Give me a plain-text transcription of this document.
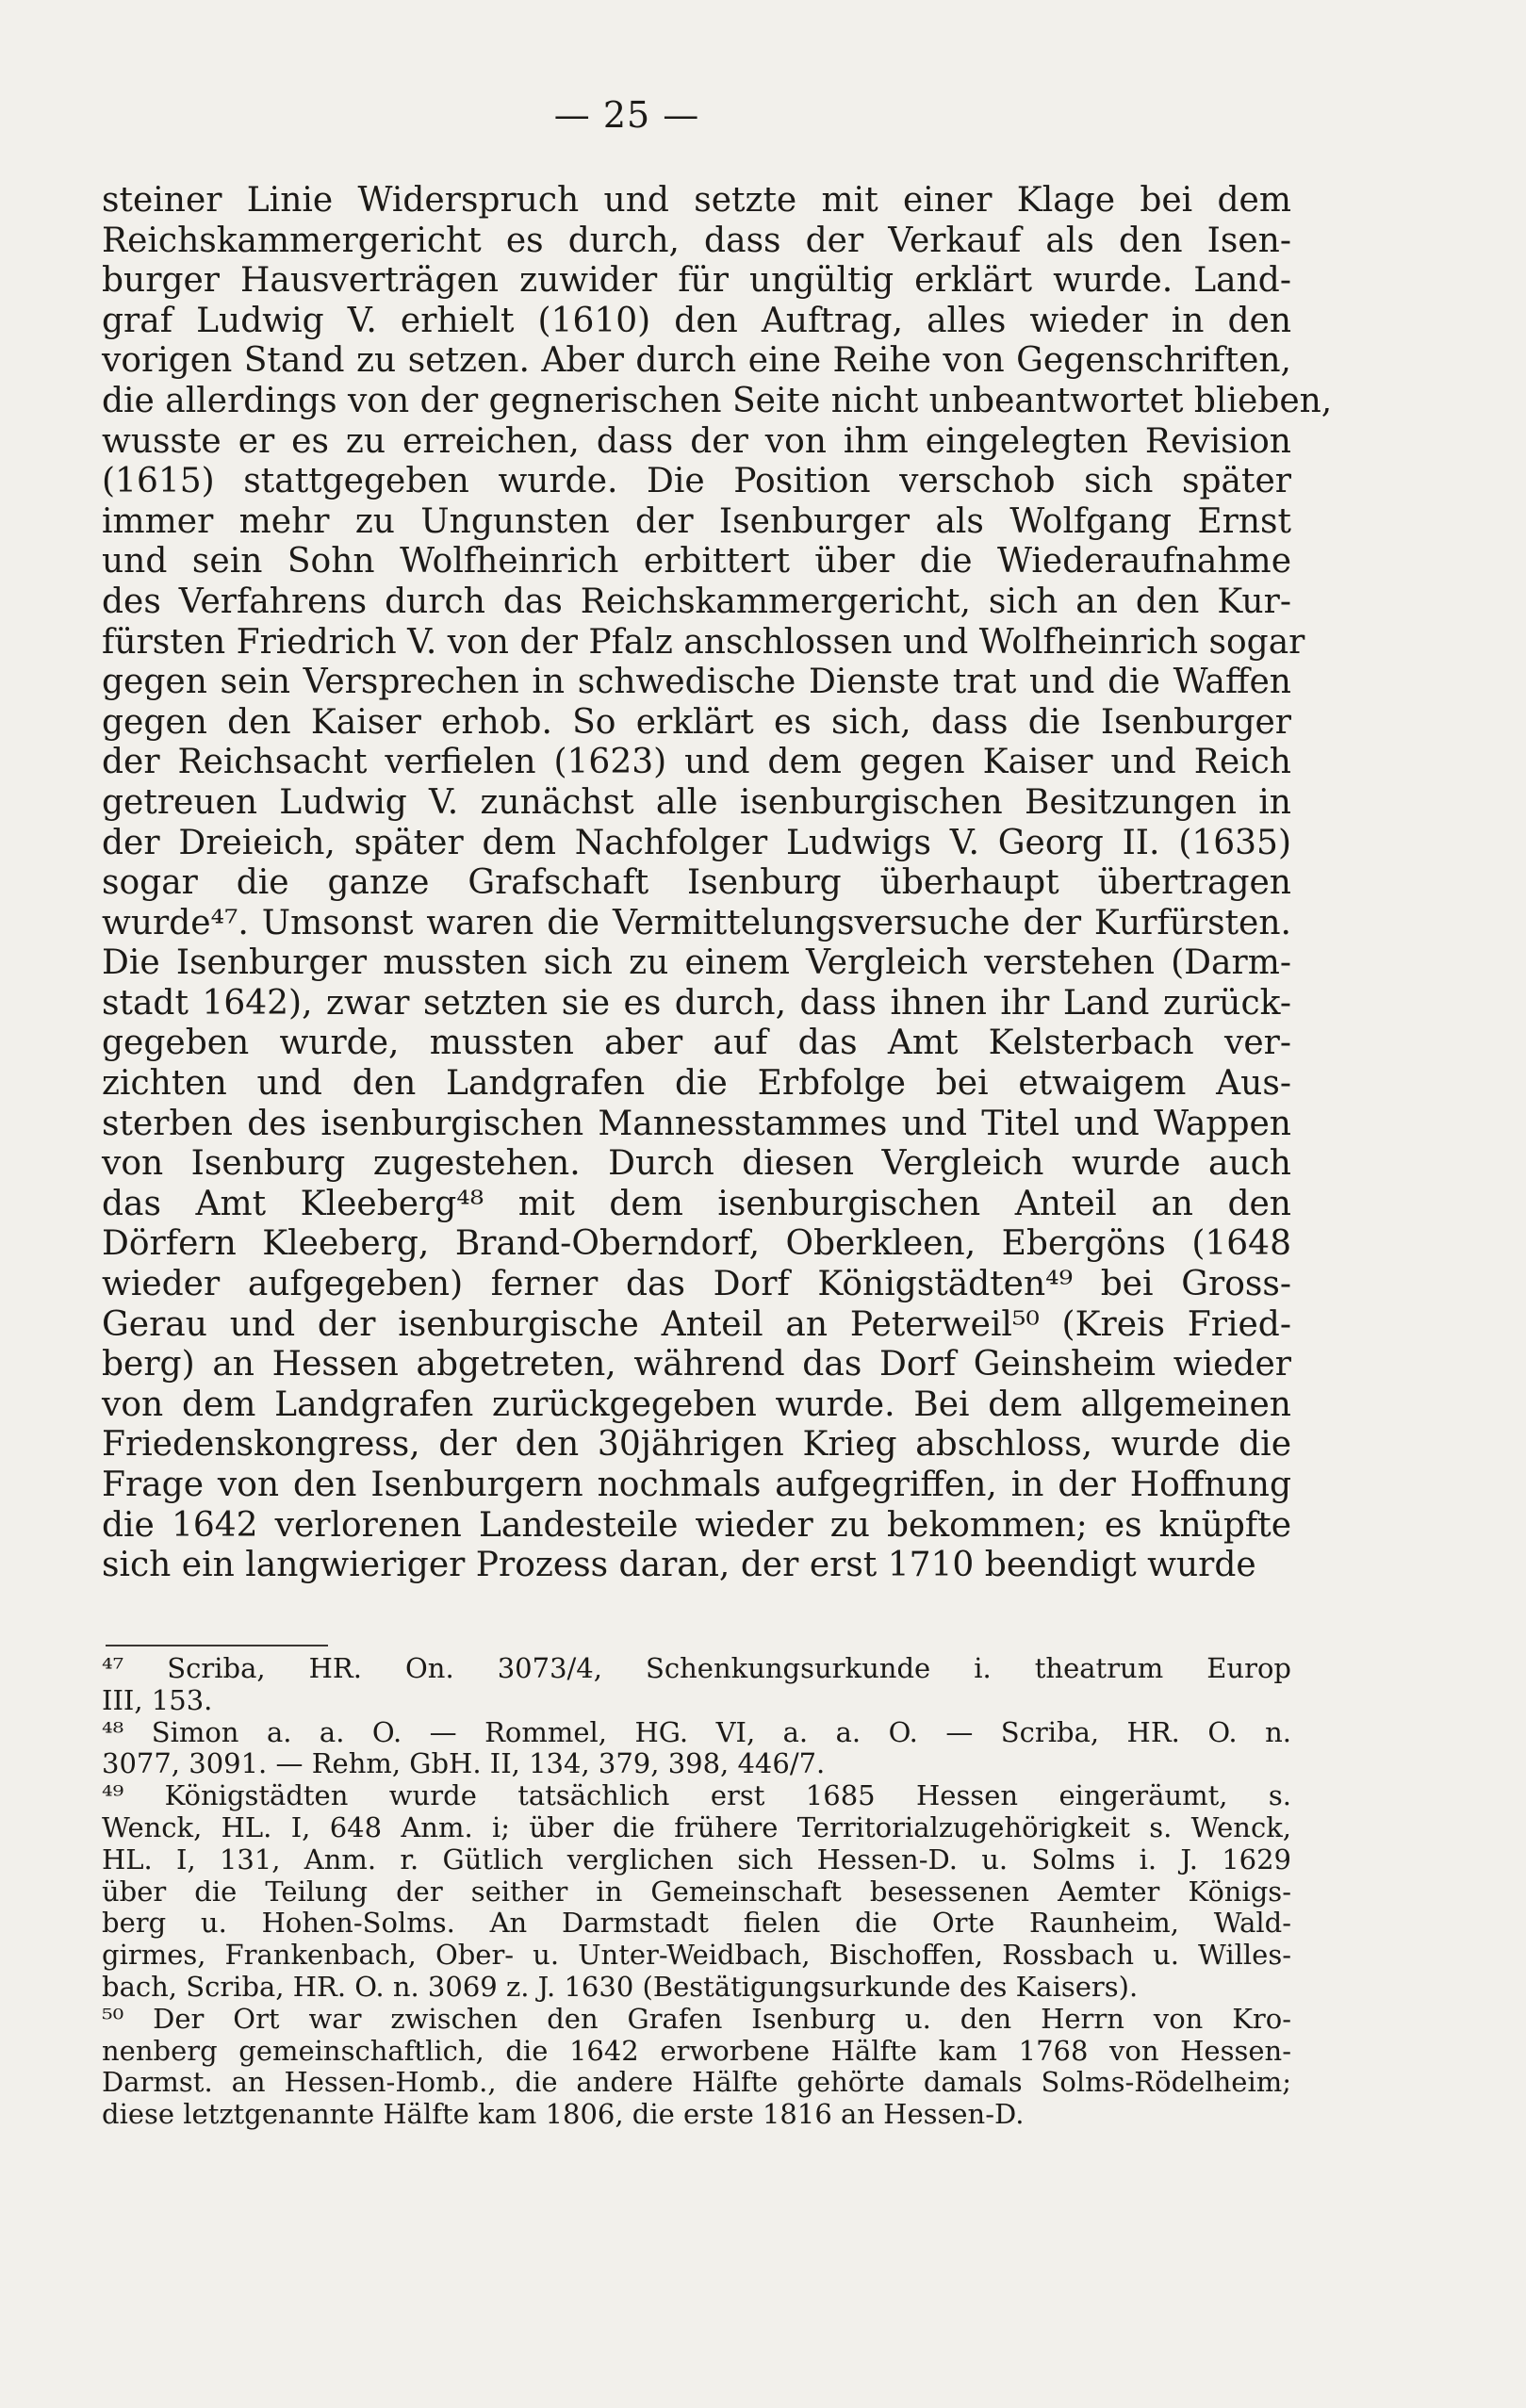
— 25 —
steiner Linie Widerspruch und setzte mit einer Klage bei dem
Reichskammergericht es durch, dass der Verkauf als den Isen-
burger Hausverträgen zuwider für ungültig erklärt wurde. Land-
graf Ludwig V. erhielt (1610) den Auftrag, alles wieder in den
vorigen Stand zu setzen. Aber durch eine Reihe von Gegenschriften,
die allerdings von der gegnerischen Seite nicht unbeantwortet blieben,
wusste er es zu erreichen, dass der von ihm eingelegten Revision
(1615) stattgegeben wurde. Die Position verschob sich später
immer mehr zu Ungunsten der Isenburger als Wolfgang Ernst
und sein Sohn Wolfheinrich erbittert über die Wiederaufnahme
des Verfahrens durch das Reichskammergericht, sich an den Kur-
fürsten Friedrich V. von der Pfalz anschlossen und Wolfheinrich sogar
gegen sein Versprechen in schwedische Dienste trat und die Waffen
gegen den Kaiser erhob. So erklärt es sich, dass die Isenburger
der Reichsacht verfielen (1623) und dem gegen Kaiser und Reich
getreuen Ludwig V. zunächst alle isenburgischen Besitzungen in
der Dreieich, später dem Nachfolger Ludwigs V. Georg II. (1635)
sogar die ganze Grafschaft Isenburg überhaupt übertragen
wurde⁴⁷. Umsonst waren die Vermittelungsversuche der Kurfürsten.
Die Isenburger mussten sich zu einem Vergleich verstehen (Darm-
stadt 1642), zwar setzten sie es durch, dass ihnen ihr Land zurück-
gegeben wurde, mussten aber auf das Amt Kelsterbach ver-
zichten und den Landgrafen die Erbfolge bei etwaigem Aus-
sterben des isenburgischen Mannesstammes und Titel und Wappen
von Isenburg zugestehen. Durch diesen Vergleich wurde auch
das Amt Kleeberg⁴⁸ mit dem isenburgischen Anteil an den
Dörfern Kleeberg, Brand-Oberndorf, Oberkleen, Ebergöns (1648
wieder aufgegeben) ferner das Dorf Königstädten⁴⁹ bei Gross-
Gerau und der isenburgische Anteil an Peterweil⁵⁰ (Kreis Fried-
berg) an Hessen abgetreten, während das Dorf Geinsheim wieder
von dem Landgrafen zurückgegeben wurde. Bei dem allgemeinen
Friedenskongress, der den 30jährigen Krieg abschloss, wurde die
Frage von den Isenburgern nochmals aufgegriffen, in der Hoffnung
die 1642 verlorenen Landesteile wieder zu bekommen; es knüpfte
sich ein langwieriger Prozess daran, der erst 1710 beendigt wurde
⁴⁷ Scriba, HR. On. 3073/4, Schenkungsurkunde i. theatrum Europ
III, 153.
⁴⁸ Simon a. a. O. — Rommel, HG. VI, a. a. O. — Scriba, HR. O. n.
3077, 3091. — Rehm, GbH. II, 134, 379, 398, 446/7.
⁴⁹ Königstädten wurde tatsächlich erst 1685 Hessen eingeräumt, s.
Wenck, HL. I, 648 Anm. i; über die frühere Territorialzugehörigkeit s. Wenck,
HL. I, 131, Anm. r. Gütlich verglichen sich Hessen-D. u. Solms i. J. 1629
über die Teilung der seither in Gemeinschaft besessenen Aemter Königs-
berg u. Hohen-Solms. An Darmstadt fielen die Orte Raunheim, Wald-
girmes, Frankenbach, Ober- u. Unter-Weidbach, Bischoffen, Rossbach u. Willes-
bach, Scriba, HR. O. n. 3069 z. J. 1630 (Bestätigungsurkunde des Kaisers).
⁵⁰ Der Ort war zwischen den Grafen Isenburg u. den Herrn von Kro-
nenberg gemeinschaftlich, die 1642 erworbene Hälfte kam 1768 von Hessen-
Darmst. an Hessen-Homb., die andere Hälfte gehörte damals Solms-Rödelheim;
diese letztgenannte Hälfte kam 1806, die erste 1816 an Hessen-D.
